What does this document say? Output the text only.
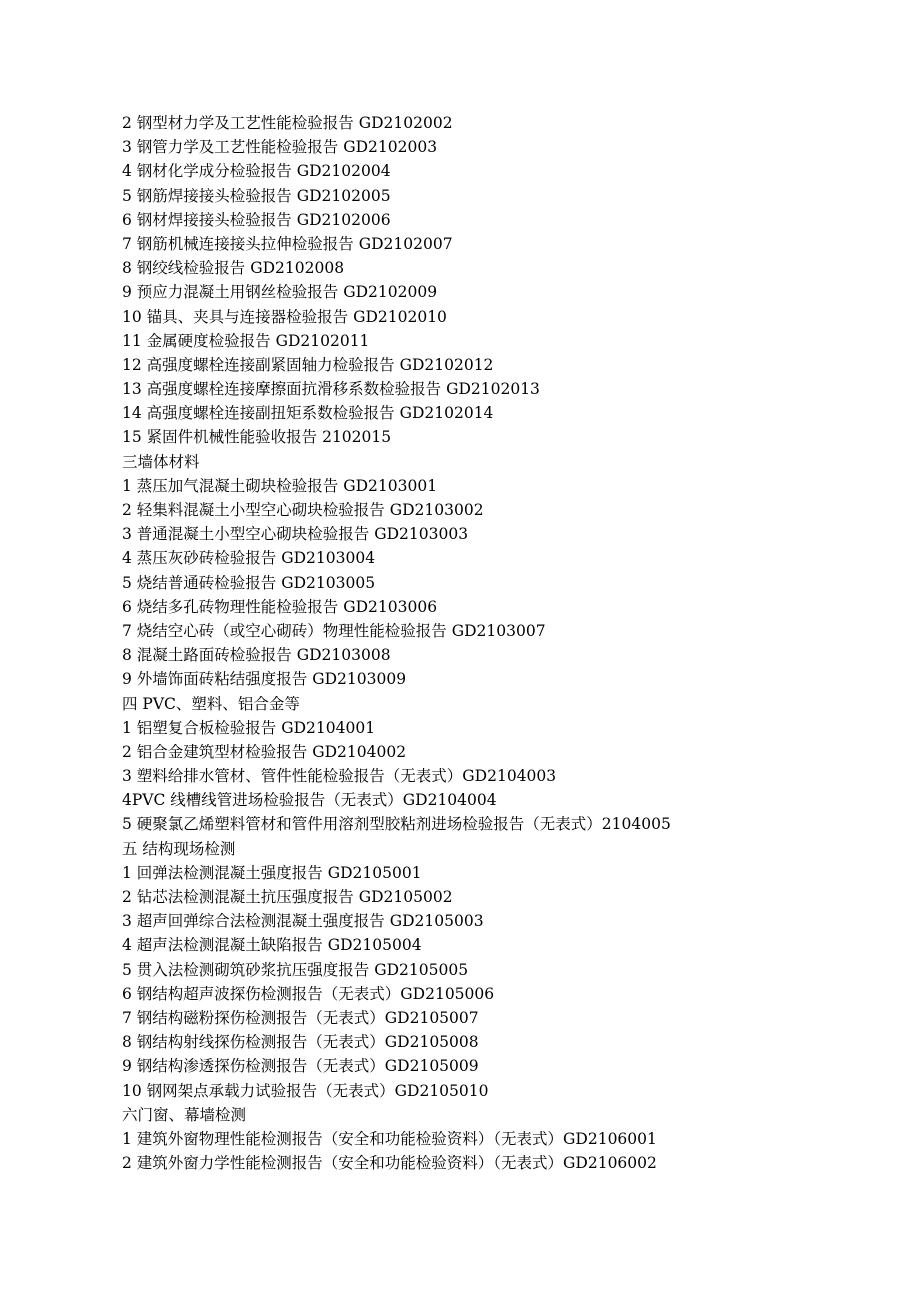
2 钢型材力学及工艺性能检验报告 GD2102002
3 钢管力学及工艺性能检验报告 GD2102003
4 钢材化学成分检验报告 GD2102004
5 钢筋焊接接头检验报告 GD2102005
6 钢材焊接接头检验报告 GD2102006
7 钢筋机械连接接头拉伸检验报告 GD2102007
8 钢绞线检验报告 GD2102008
9 预应力混凝土用钢丝检验报告 GD2102009
10 锚具、夹具与连接器检验报告 GD2102010
11 金属硬度检验报告 GD2102011
12 高强度螺栓连接副紧固轴力检验报告 GD2102012
13 高强度螺栓连接摩擦面抗滑移系数检验报告 GD2102013
14 高强度螺栓连接副扭矩系数检验报告 GD2102014
15 紧固件机械性能验收报告 2102015
三墙体材料
1 蒸压加气混凝土砌块检验报告 GD2103001
2 轻集料混凝土小型空心砌块检验报告 GD2103002
3 普通混凝土小型空心砌块检验报告 GD2103003
4 蒸压灰砂砖检验报告 GD2103004
5 烧结普通砖检验报告 GD2103005
6 烧结多孔砖物理性能检验报告 GD2103006
7 烧结空心砖（或空心砌砖）物理性能检验报告 GD2103007
8 混凝土路面砖检验报告 GD2103008
9 外墙饰面砖粘结强度报告 GD2103009
四 PVC、塑料、铝合金等
1 铝塑复合板检验报告 GD2104001
2 铝合金建筑型材检验报告 GD2104002
3 塑料给排水管材、管件性能检验报告（无表式）GD2104003
4PVC 线槽线管进场检验报告（无表式）GD2104004
5 硬聚氯乙烯塑料管材和管件用溶剂型胶粘剂进场检验报告（无表式）2104005
五 结构现场检测
1 回弹法检测混凝土强度报告 GD2105001
2 钻芯法检测混凝土抗压强度报告 GD2105002
3 超声回弹综合法检测混凝土强度报告 GD2105003
4 超声法检测混凝土缺陷报告 GD2105004
5 贯入法检测砌筑砂浆抗压强度报告 GD2105005
6 钢结构超声波探伤检测报告（无表式）GD2105006
7 钢结构磁粉探伤检测报告（无表式）GD2105007
8 钢结构射线探伤检测报告（无表式）GD2105008
9 钢结构渗透探伤检测报告（无表式）GD2105009
10 钢网架点承载力试验报告（无表式）GD2105010
六门窗、幕墙检测
1 建筑外窗物理性能检测报告（安全和功能检验资料）（无表式）GD2106001
2 建筑外窗力学性能检测报告（安全和功能检验资料）（无表式）GD2106002
